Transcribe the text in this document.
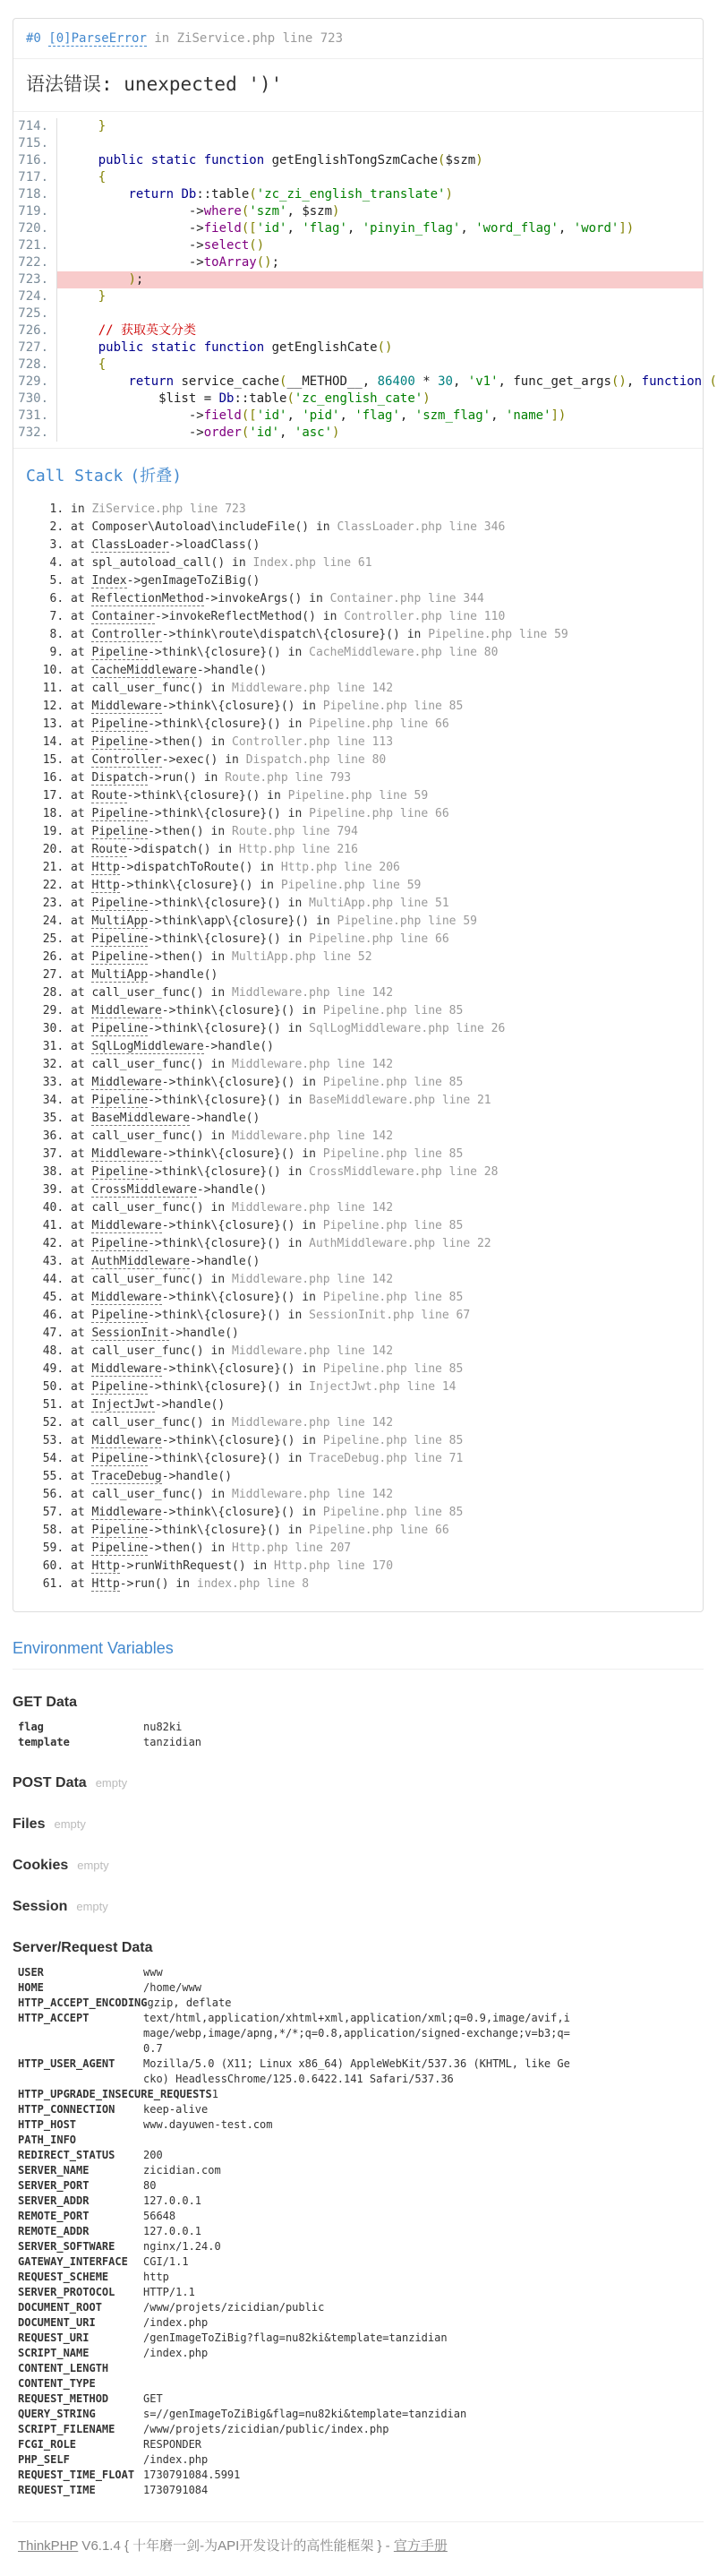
#0 [0]ParseError in ZiService.php line 723
语法错误: unexpected ')'
714.	}
715.
716.	public static function getEnglishTongSzmCache($szm)
717.	{
718.	return Db::table('zc_zi_english_translate')
719.	->where('szm', $szm)
720.	->field(['id', 'flag', 'pinyin_flag', 'word_flag', 'word'])
721.	->select()
722.	->toArray();
723.	);
724.	}
725.
726.	// 获取英文分类
727.	public static function getEnglishCate()
728.	{
729.	return service_cache(__METHOD__, 86400 * 30, 'v1', func_get_args(), function (
730.	$list = Db::table('zc_english_cate')
731.	->field(['id', 'pid', 'flag', 'szm_flag', 'name'])
732.	->order('id', 'asc')
Call Stack (折叠)
1. in ZiService.php line 723
2. at Composer\Autoload\includeFile() in ClassLoader.php line 346
3. at ClassLoader->loadClass()
4. at spl_autoload_call() in Index.php line 61
5. at Index->genImageToZiBig()
6. at ReflectionMethod->invokeArgs() in Container.php line 344
7. at Container->invokeReflectMethod() in Controller.php line 110
8. at Controller->think\route\dispatch\{closure}() in Pipeline.php line 59
9. at Pipeline->think\{closure}() in CacheMiddleware.php line 80
10. at CacheMiddleware->handle()
11. at call_user_func() in Middleware.php line 142
12. at Middleware->think\{closure}() in Pipeline.php line 85
13. at Pipeline->think\{closure}() in Pipeline.php line 66
14. at Pipeline->then() in Controller.php line 113
15. at Controller->exec() in Dispatch.php line 80
16. at Dispatch->run() in Route.php line 793
17. at Route->think\{closure}() in Pipeline.php line 59
18. at Pipeline->think\{closure}() in Pipeline.php line 66
19. at Pipeline->then() in Route.php line 794
20. at Route->dispatch() in Http.php line 216
21. at Http->dispatchToRoute() in Http.php line 206
22. at Http->think\{closure}() in Pipeline.php line 59
23. at Pipeline->think\{closure}() in MultiApp.php line 51
24. at MultiApp->think\app\{closure}() in Pipeline.php line 59
25. at Pipeline->think\{closure}() in Pipeline.php line 66
26. at Pipeline->then() in MultiApp.php line 52
27. at MultiApp->handle()
28. at call_user_func() in Middleware.php line 142
29. at Middleware->think\{closure}() in Pipeline.php line 85
30. at Pipeline->think\{closure}() in SqlLogMiddleware.php line 26
31. at SqlLogMiddleware->handle()
32. at call_user_func() in Middleware.php line 142
33. at Middleware->think\{closure}() in Pipeline.php line 85
34. at Pipeline->think\{closure}() in BaseMiddleware.php line 21
35. at BaseMiddleware->handle()
36. at call_user_func() in Middleware.php line 142
37. at Middleware->think\{closure}() in Pipeline.php line 85
38. at Pipeline->think\{closure}() in CrossMiddleware.php line 28
39. at CrossMiddleware->handle()
40. at call_user_func() in Middleware.php line 142
41. at Middleware->think\{closure}() in Pipeline.php line 85
42. at Pipeline->think\{closure}() in AuthMiddleware.php line 22
43. at AuthMiddleware->handle()
44. at call_user_func() in Middleware.php line 142
45. at Middleware->think\{closure}() in Pipeline.php line 85
46. at Pipeline->think\{closure}() in SessionInit.php line 67
47. at SessionInit->handle()
48. at call_user_func() in Middleware.php line 142
49. at Middleware->think\{closure}() in Pipeline.php line 85
50. at Pipeline->think\{closure}() in InjectJwt.php line 14
51. at InjectJwt->handle()
52. at call_user_func() in Middleware.php line 142
53. at Middleware->think\{closure}() in Pipeline.php line 85
54. at Pipeline->think\{closure}() in TraceDebug.php line 71
55. at TraceDebug->handle()
56. at call_user_func() in Middleware.php line 142
57. at Middleware->think\{closure}() in Pipeline.php line 85
58. at Pipeline->think\{closure}() in Pipeline.php line 66
59. at Pipeline->then() in Http.php line 207
60. at Http->runWithRequest() in Http.php line 170
61. at Http->run() in index.php line 8
Environment Variables
GET Data
flag	nu82ki
template	tanzidian
POST Data empty
Files empty
Cookies empty
Session empty
Server/Request Data
USER	www
HOME	/home/www
HTTP_ACCEPT_ENCODING gzip, deflate
HTTP_ACCEPT	text/html,application/xhtml+xml,application/xml;q=0.9,image/avif,image/webp,image/apng,*/*;q=0.8,application/signed-exchange;v=b3;q=0.7
HTTP_USER_AGENT	Mozilla/5.0 (X11; Linux x86_64) AppleWebKit/537.36 (KHTML, like Gecko) HeadlessChrome/125.0.6422.141 Safari/537.36
HTTP_UPGRADE_INSECURE_REQUESTS 1
HTTP_CONNECTION	keep-alive
HTTP_HOST	www.dayuwen-test.com
PATH_INFO
REDIRECT_STATUS	200
SERVER_NAME	zicidian.com
SERVER_PORT	80
SERVER_ADDR	127.0.0.1
REMOTE_PORT	56648
REMOTE_ADDR	127.0.0.1
SERVER_SOFTWARE	nginx/1.24.0
GATEWAY_INTERFACE	CGI/1.1
REQUEST_SCHEME	http
SERVER_PROTOCOL	HTTP/1.1
DOCUMENT_ROOT	/www/projets/zicidian/public
DOCUMENT_URI	/index.php
REQUEST_URI	/genImageToZiBig?flag=nu82ki&template=tanzidian
SCRIPT_NAME	/index.php
CONTENT_LENGTH
CONTENT_TYPE
REQUEST_METHOD	GET
QUERY_STRING	s=//genImageToZiBig&flag=nu82ki&template=tanzidian
SCRIPT_FILENAME	/www/projets/zicidian/public/index.php
FCGI_ROLE	RESPONDER
PHP_SELF	/index.php
REQUEST_TIME_FLOAT 1730791084.5991
REQUEST_TIME	1730791084
ThinkPHP V6.1.4 { 十年磨一剑-为API开发设计的高性能框架 } - 官方手册
